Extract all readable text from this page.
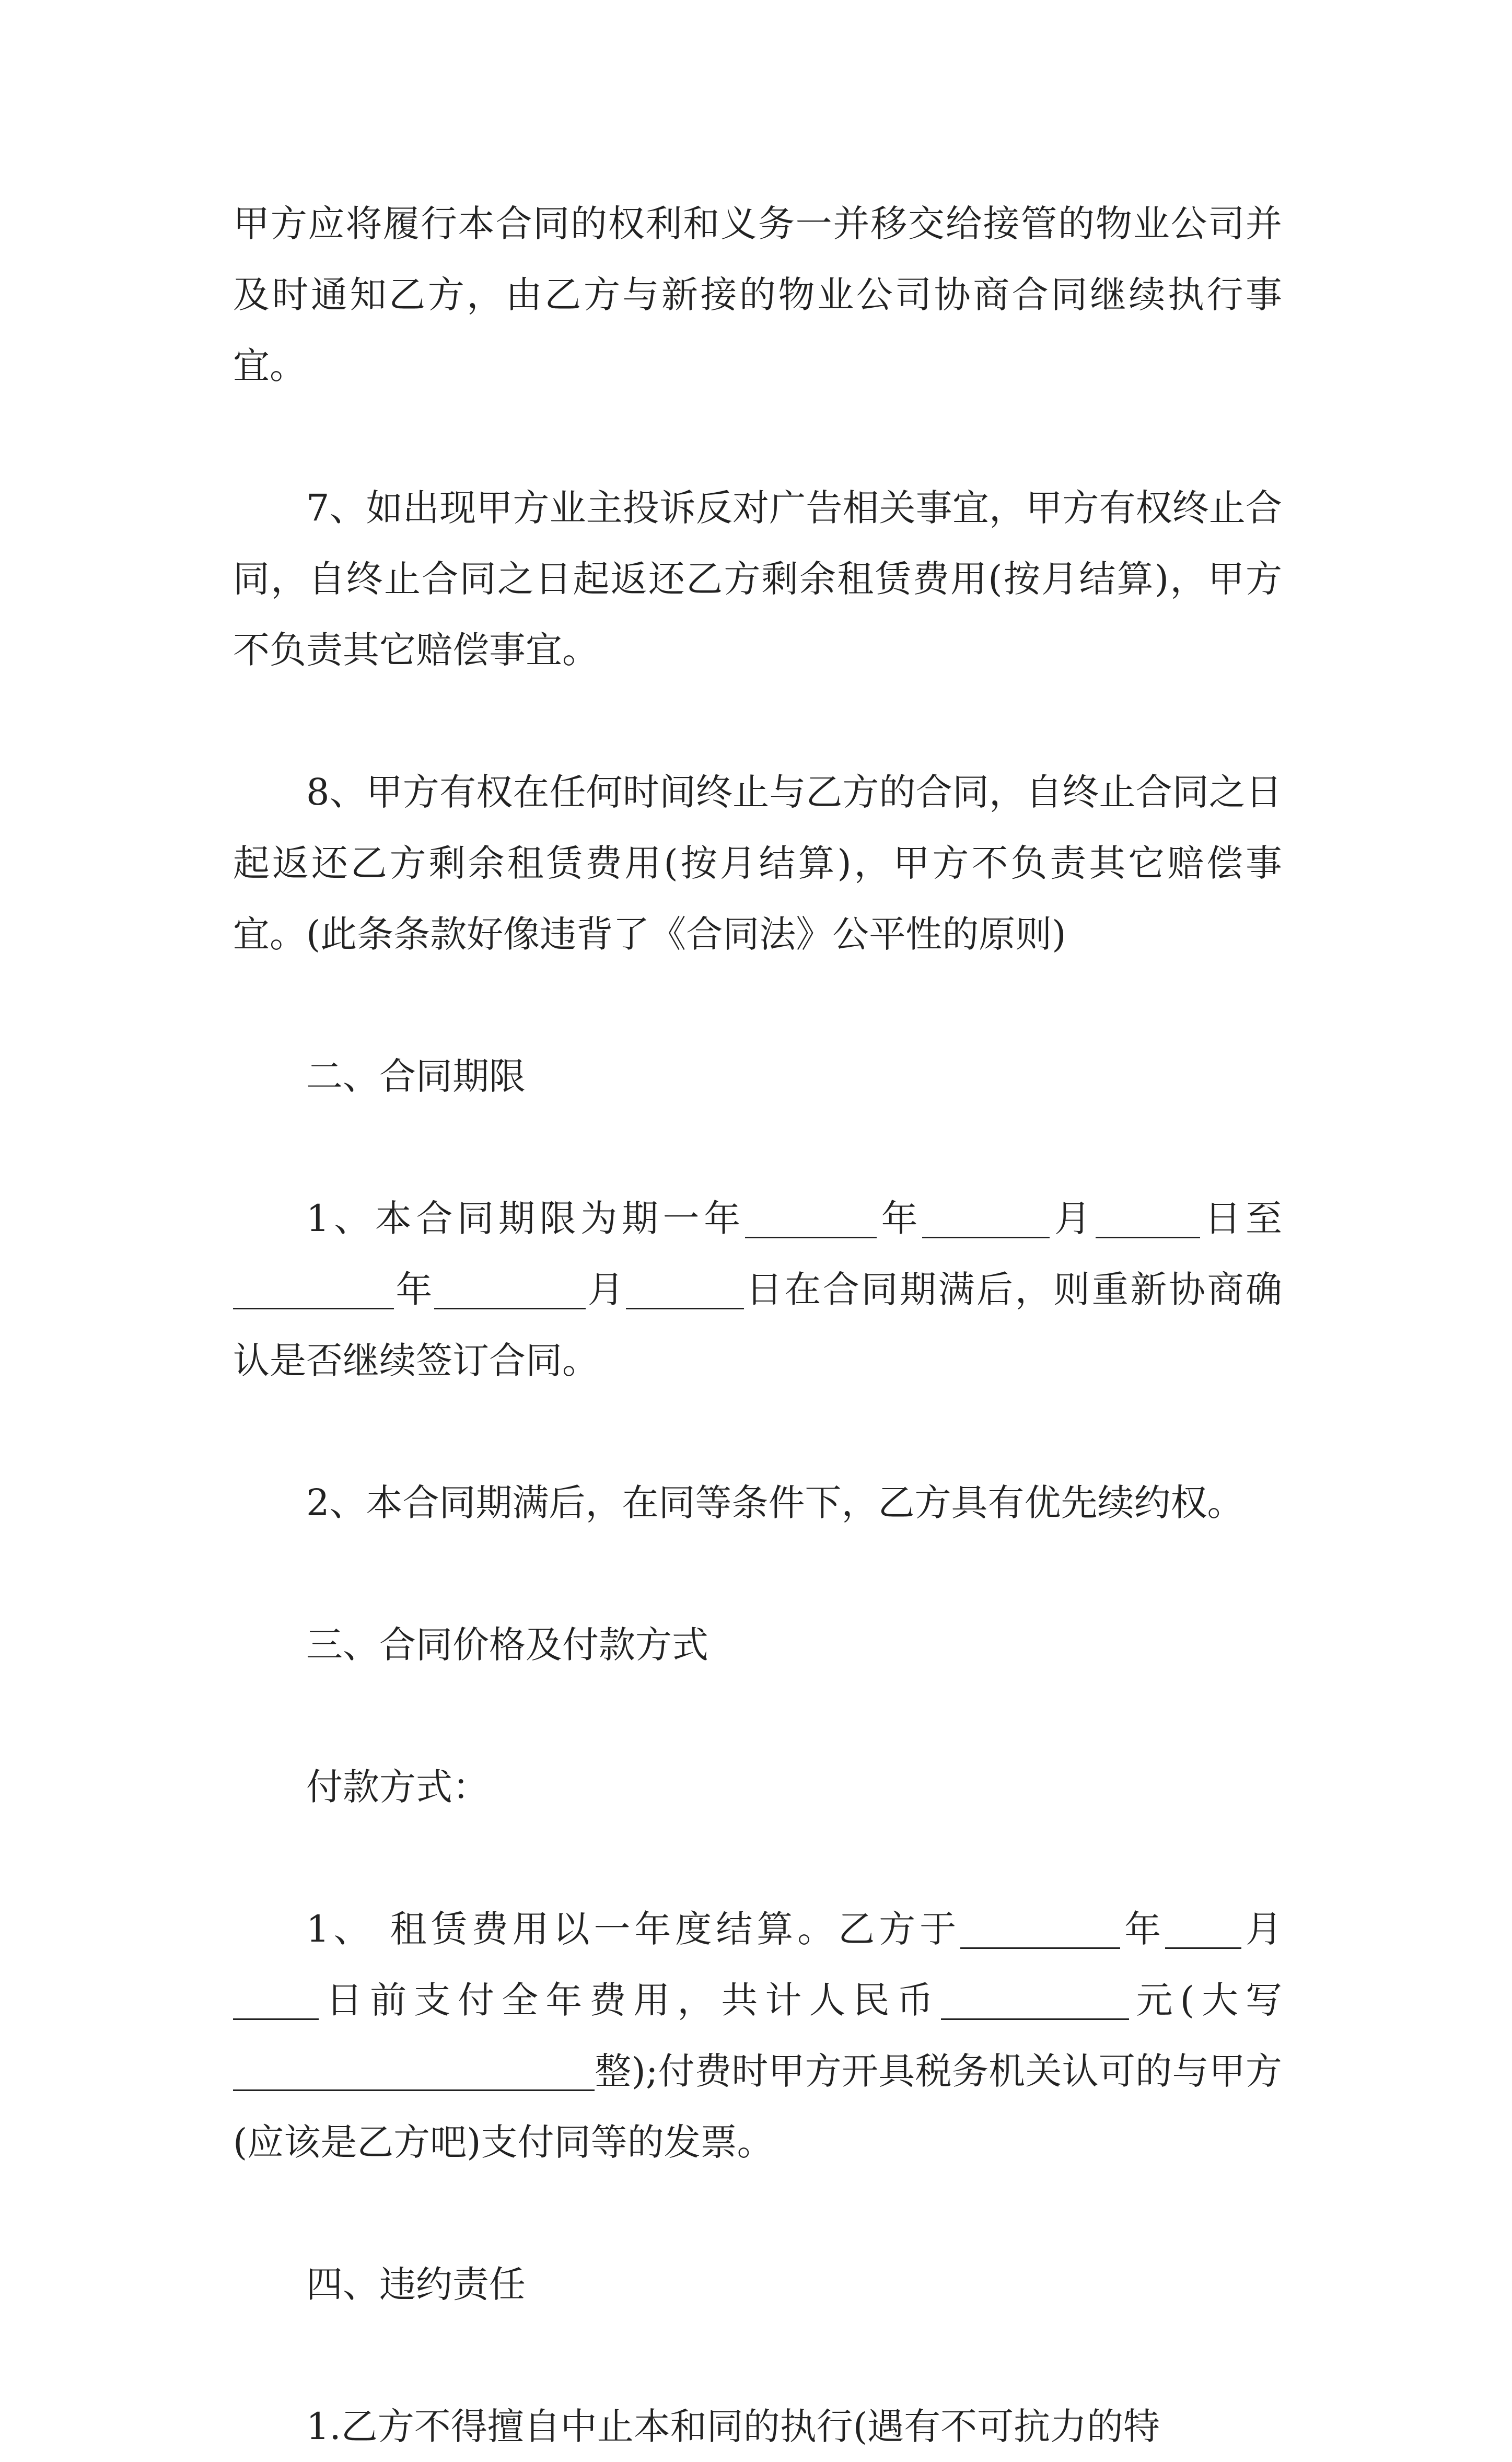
甲方应将履行本合同的权利和义务一并移交给接管的物业公司并及时通知乙方，由乙方与新接的物业公司协商合同继续执行事宜。

7、如出现甲方业主投诉反对广告相关事宜，甲方有权终止合同，自终止合同之日起返还乙方剩余租赁费用(按月结算)，甲方不负责其它赔偿事宜。

8、甲方有权在任何时间终止与乙方的合同，自终止合同之日起返还乙方剩余租赁费用(按月结算)，甲方不负责其它赔偿事宜。(此条条款好像违背了《合同法》公平性的原则)

二、合同期限

1、本合同期限为期一年	年	月	日至年	月	日在合同期满后，则重新协商确认是否继续签订合同。

2、本合同期满后，在同等条件下，乙方具有优先续约权。

三、合同价格及付款方式

付款方式：

1、 租赁费用以一年度结算。乙方于	年 月日前支付全年费用，共计人民币	元(大写整);付费时甲方开具税务机关认可的与甲方(应该是乙方吧)支付同等的发票。

四、违约责任

1.乙方不得擅自中止本和同的执行(遇有不可抗力的特
